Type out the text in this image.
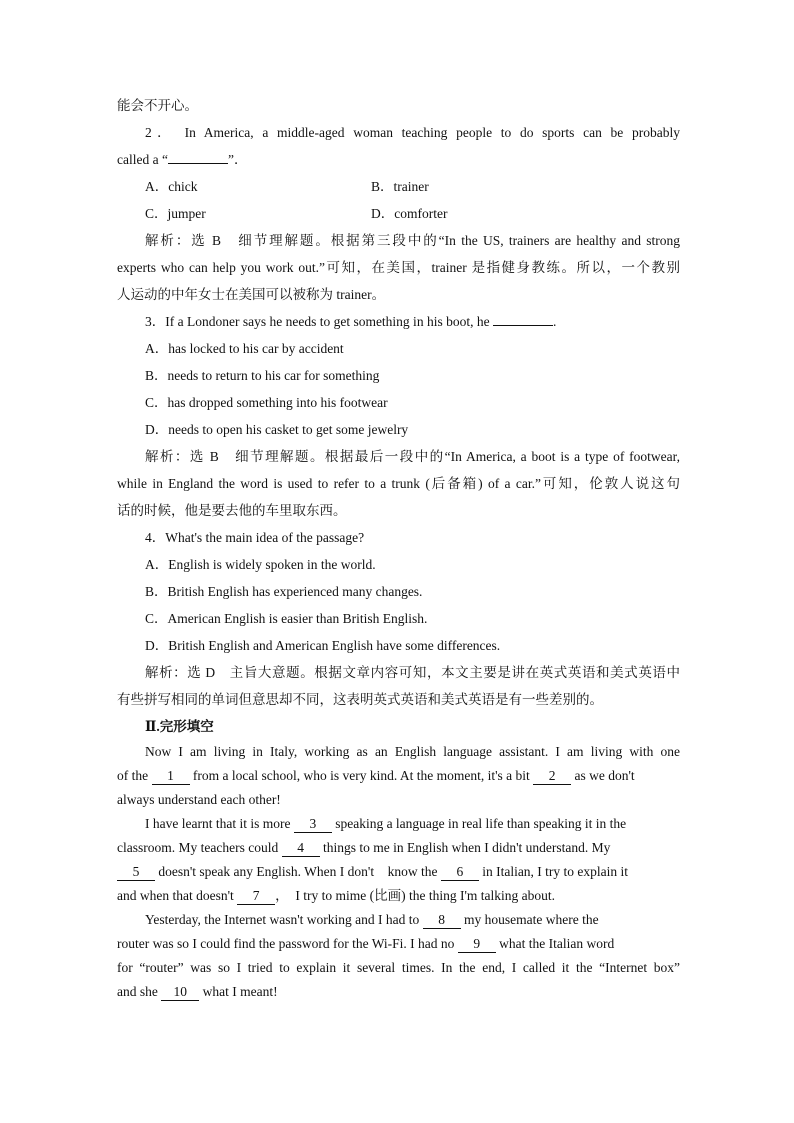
能会不开心。
2． In America, a middle-aged woman teaching people to do sports can be probably
called a “	”．
A．chick	B．trainer
C．jumper	D．comforter
解析：选 B　细节理解题。根据第三段中的“In the US, trainers are healthy and strong
experts who can help you work out.”可知，在美国，trainer 是指健身教练。所以，一个教别
人运动的中年女士在美国可以被称为 trainer。
3．If a Londoner says he needs to get something in his boot, he	.
A．has locked to his car by accident
B．needs to return to his car for something
C．has dropped something into his footwear
D．needs to open his casket to get some jewelry
解析：选 B　细节理解题。根据最后一段中的“In America, a boot is a type of footwear,
while in England the word is used to refer to a trunk (后备箱) of a car.”可知，伦敦人说这句
话的时候，他是要去他的车里取东西。
4．What's the main idea of the passage?
A．English is widely spoken in the world.
B．British English has experienced many changes.
C．American English is easier than British English.
D．British English and American English have some differences.
解析：选 D　主旨大意题。根据文章内容可知，本文主要是讲在英式英语和美式英语中
有些拼写相同的单词但意思却不同，这表明英式英语和美式英语是有一些差别的。
Ⅱ.完形填空
Now I am living in Italy, working as an English language assistant. I am living with one
of the 1 from a local school, who is very kind. At the moment, it's a bit 2 as we don't
always understand each other!
I have learnt that it is more 3 speaking a language in real life than speaking it in the
classroom. My teachers could 4 things to me in English when I didn't understand. My
5 doesn't speak any English. When I don't　know the 6 in Italian, I try to explain it
and when that doesn't 7 ，　I try to mime (比画) the thing I'm talking about.
Yesterday, the Internet wasn't working and I had to 8 my housemate where the
router was so I could find the password for the Wi-Fi. I had no 9 what the Italian word
for “router” was so I tried to explain it several times. In the end, I called it the “Internet box”
and she 10 what I meant!
